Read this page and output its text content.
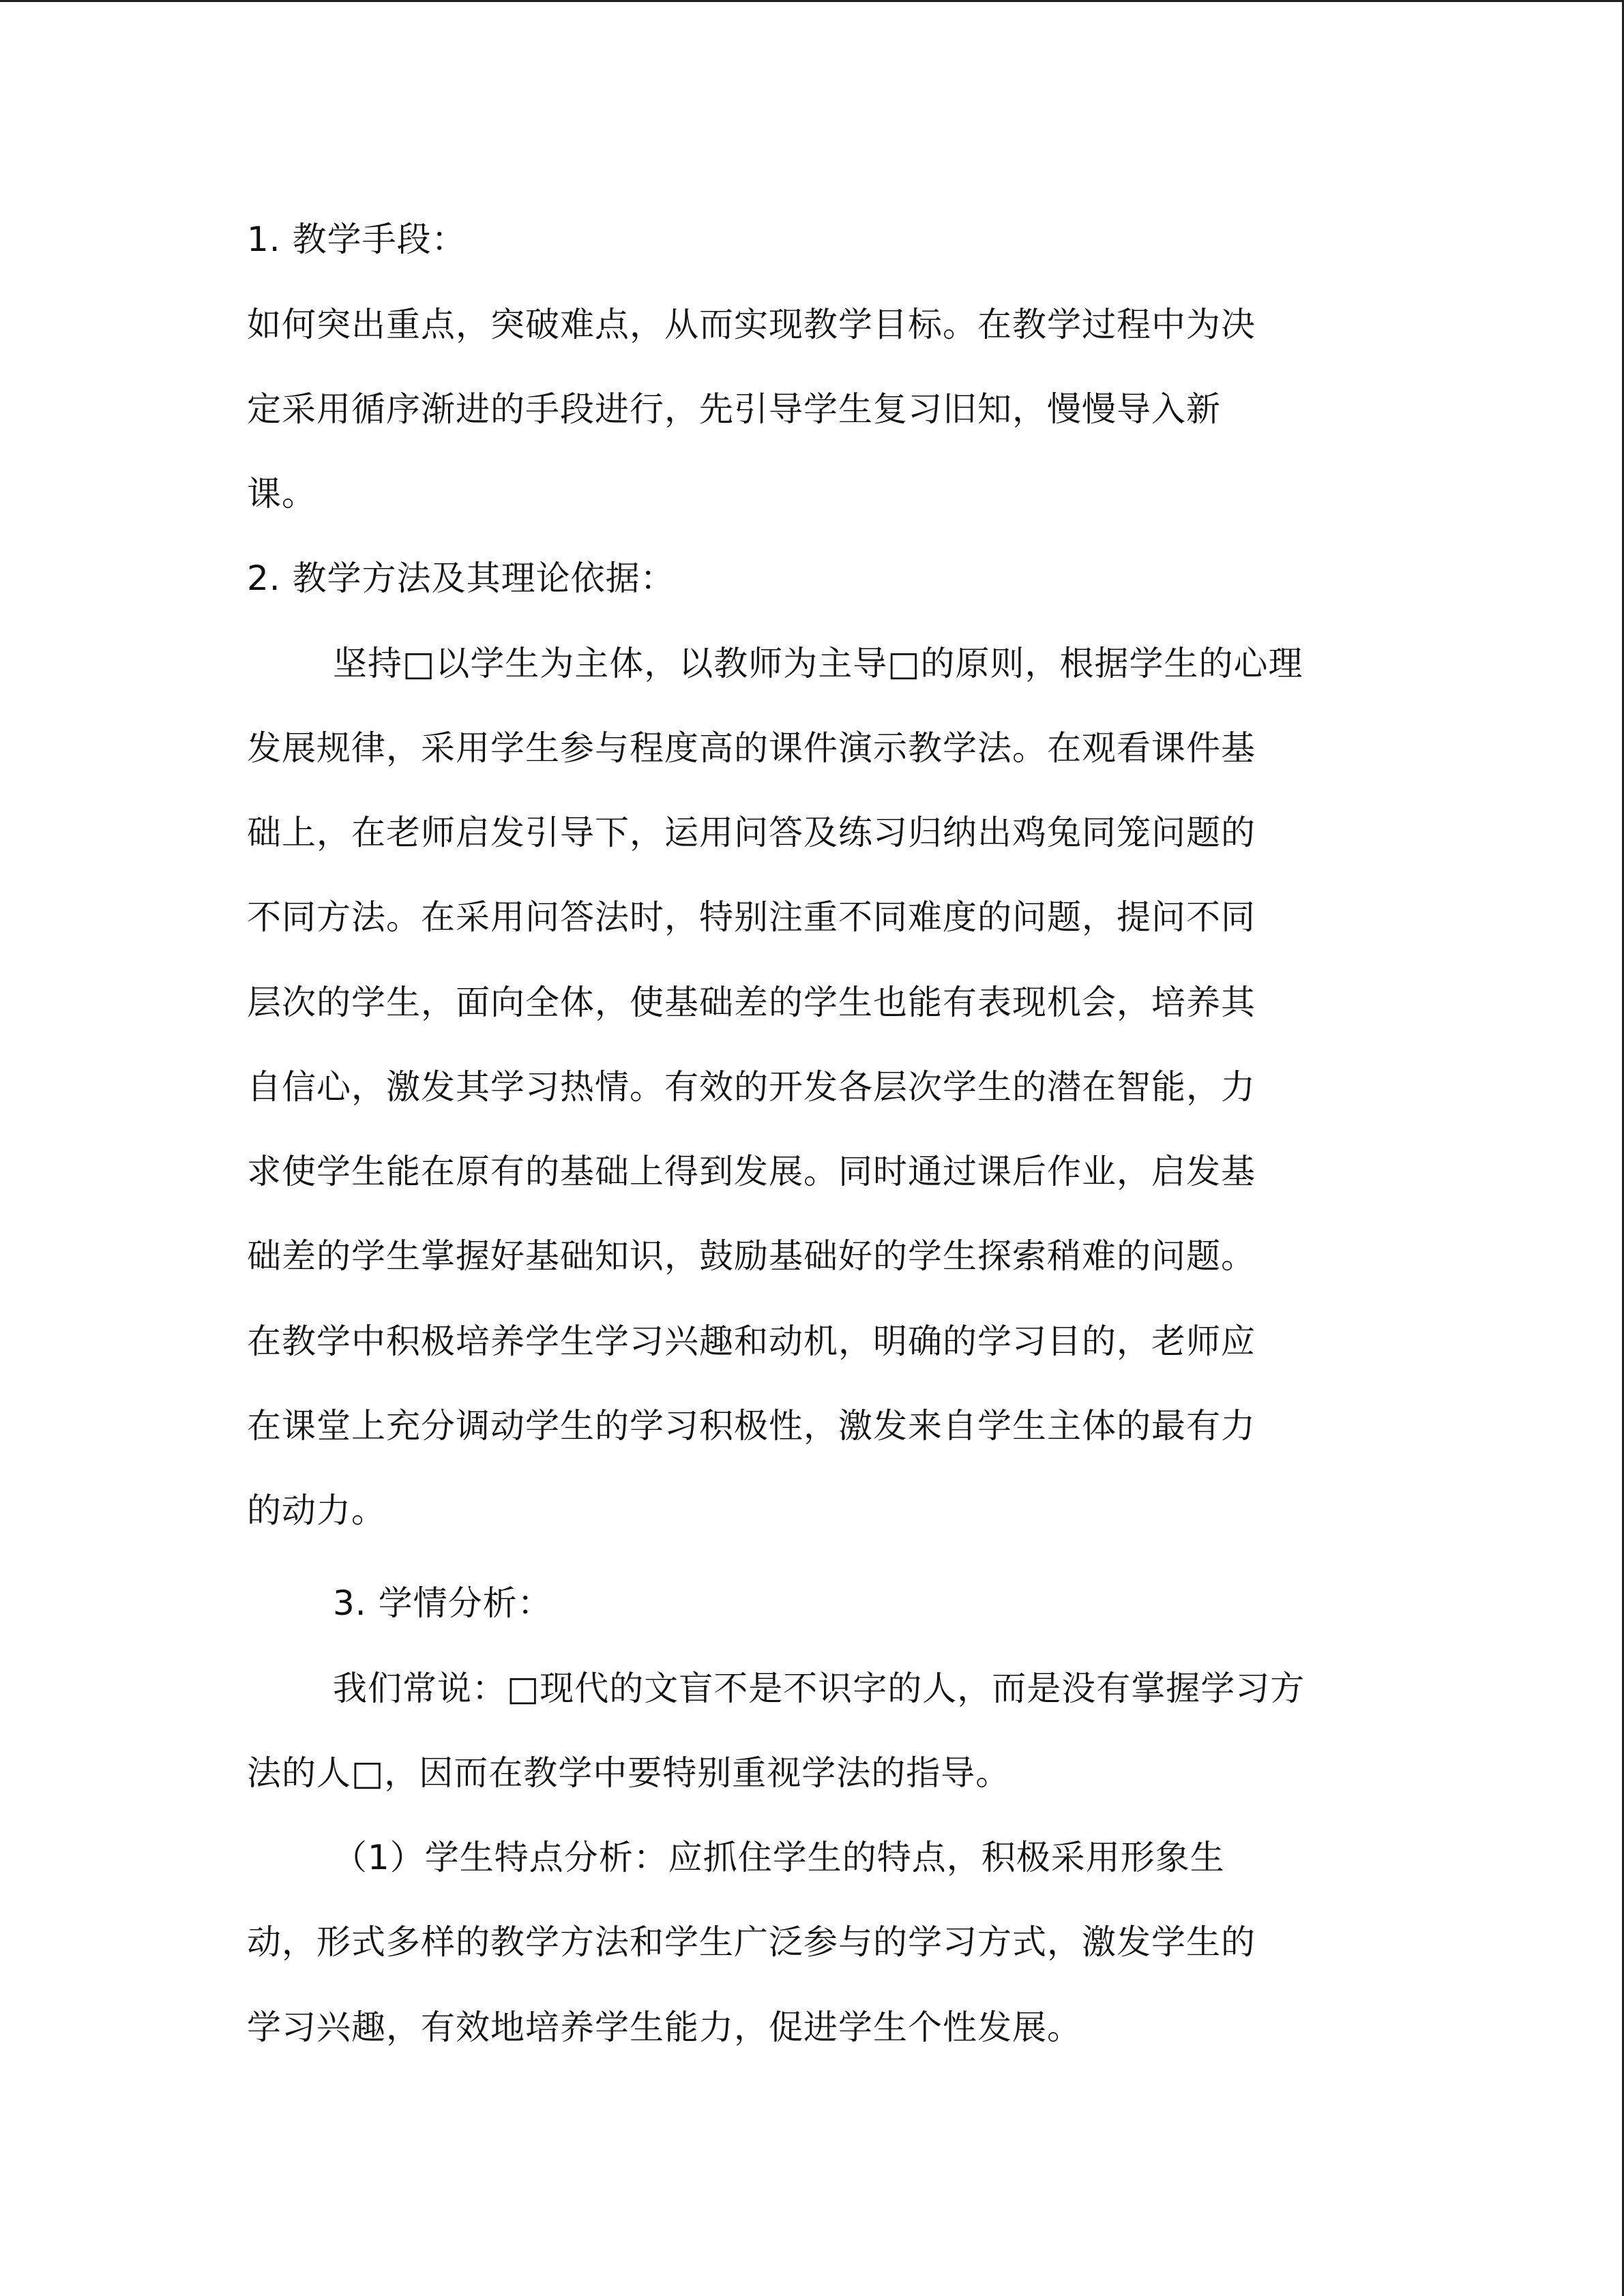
1. 教学手段：
如何突出重点，突破难点，从而实现教学目标。在教学过程中为决
定采用循序渐进的手段进行，先引导学生复习旧知，慢慢导入新
课。
2. 教学方法及其理论依据：
坚持□以学生为主体，以教师为主导□的原则，根据学生的心理
发展规律，采用学生参与程度高的课件演示教学法。在观看课件基
础上，在老师启发引导下，运用问答及练习归纳出鸡兔同笼问题的
不同方法。在采用问答法时，特别注重不同难度的问题，提问不同
层次的学生，面向全体，使基础差的学生也能有表现机会，培养其
自信心，激发其学习热情。有效的开发各层次学生的潜在智能，力
求使学生能在原有的基础上得到发展。同时通过课后作业，启发基
础差的学生掌握好基础知识，鼓励基础好的学生探索稍难的问题。
在教学中积极培养学生学习兴趣和动机，明确的学习目的，老师应
在课堂上充分调动学生的学习积极性，激发来自学生主体的最有力
的动力。
3. 学情分析：
我们常说：□现代的文盲不是不识字的人，而是没有掌握学习方
法的人□，因而在教学中要特别重视学法的指导。
（1）学生特点分析：应抓住学生的特点，积极采用形象生
动，形式多样的教学方法和学生广泛参与的学习方式，激发学生的
学习兴趣，有效地培养学生能力，促进学生个性发展。
